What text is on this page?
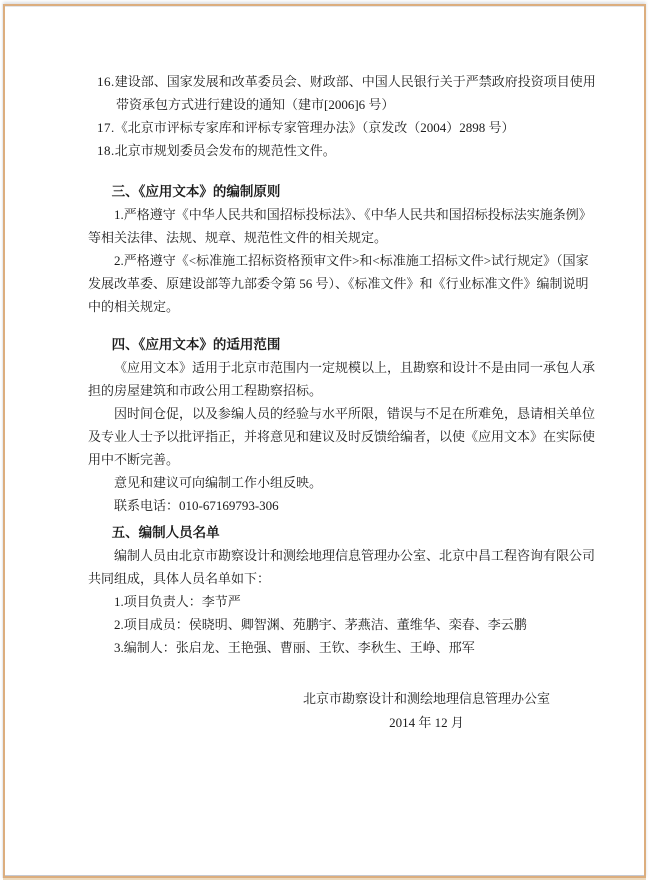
16.建设部、国家发展和改革委员会、财政部、中国人民银行关于严禁政府投资项目使用带资承包方式进行建设的通知（建市[2006]6 号）

17.《北京市评标专家库和评标专家管理办法》（京发改（2004）2898 号）

18.北京市规划委员会发布的规范性文件。

三、《应用文本》的编制原则

1.严格遵守《中华人民共和国招标投标法》、《中华人民共和国招标投标法实施条例》等相关法律、法规、规章、规范性文件的相关规定。

2.严格遵守《<标准施工招标资格预审文件>和<标准施工招标文件>试行规定》（国家发展改革委、原建设部等九部委令第 56 号）、《标准文件》和《行业标准文件》编制说明中的相关规定。

四、《应用文本》的适用范围

《应用文本》适用于北京市范围内一定规模以上，且勘察和设计不是由同一承包人承担的房屋建筑和市政公用工程勘察招标。

因时间仓促，以及参编人员的经验与水平所限，错误与不足在所难免，恳请相关单位及专业人士予以批评指正，并将意见和建议及时反馈给编者，以使《应用文本》在实际使用中不断完善。

意见和建议可向编制工作小组反映。

联系电话：010-67169793-306

五、编制人员名单

编制人员由北京市勘察设计和测绘地理信息管理办公室、北京中昌工程咨询有限公司共同组成，具体人员名单如下：

1.项目负责人：李节严

2.项目成员：侯晓明、卿智渊、苑鹏宇、茅燕洁、董维华、栾春、李云鹏

3.编制人：张启龙、王艳强、曹丽、王钦、李秋生、王峥、邢军

北京市勘察设计和测绘地理信息管理办公室
2014 年 12 月
